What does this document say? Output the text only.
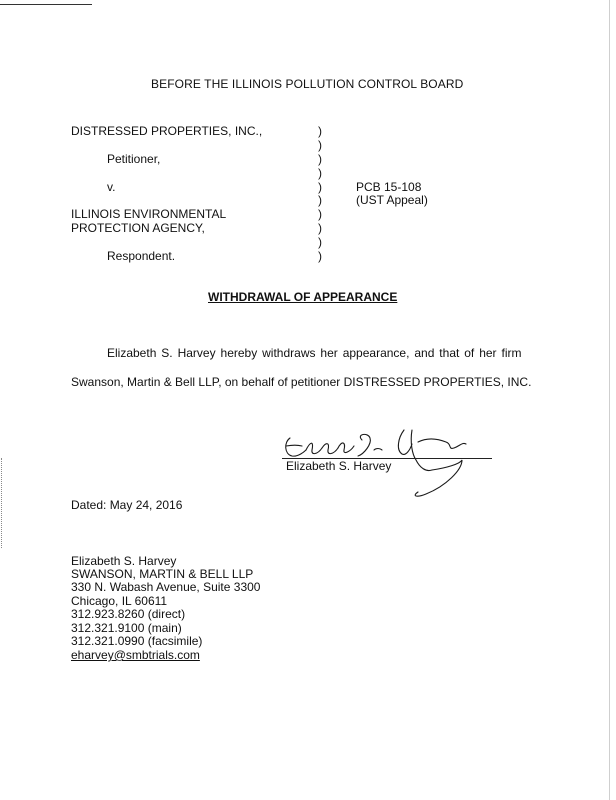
BEFORE THE ILLINOIS POLLUTION CONTROL BOARD
DISTRESSED PROPERTIES, INC.,
Petitioner,
v.
ILLINOIS ENVIRONMENTAL
PROTECTION AGENCY,
Respondent.
)
)
)
)
)
)
)
)
)
)
PCB 15-108
(UST Appeal)
WITHDRAWAL OF APPEARANCE
Elizabeth S. Harvey hereby withdraws her appearance, and that of her firm
Swanson, Martin & Bell LLP, on behalf of petitioner DISTRESSED PROPERTIES, INC.
Elizabeth S. Harvey
Dated: May 24, 2016
Elizabeth S. Harvey
SWANSON, MARTIN & BELL LLP
330 N. Wabash Avenue, Suite 3300
Chicago, IL 60611
312.923.8260 (direct)
312.321.9100 (main)
312.321.0990 (facsimile)
eharvey@smbtrials.com
